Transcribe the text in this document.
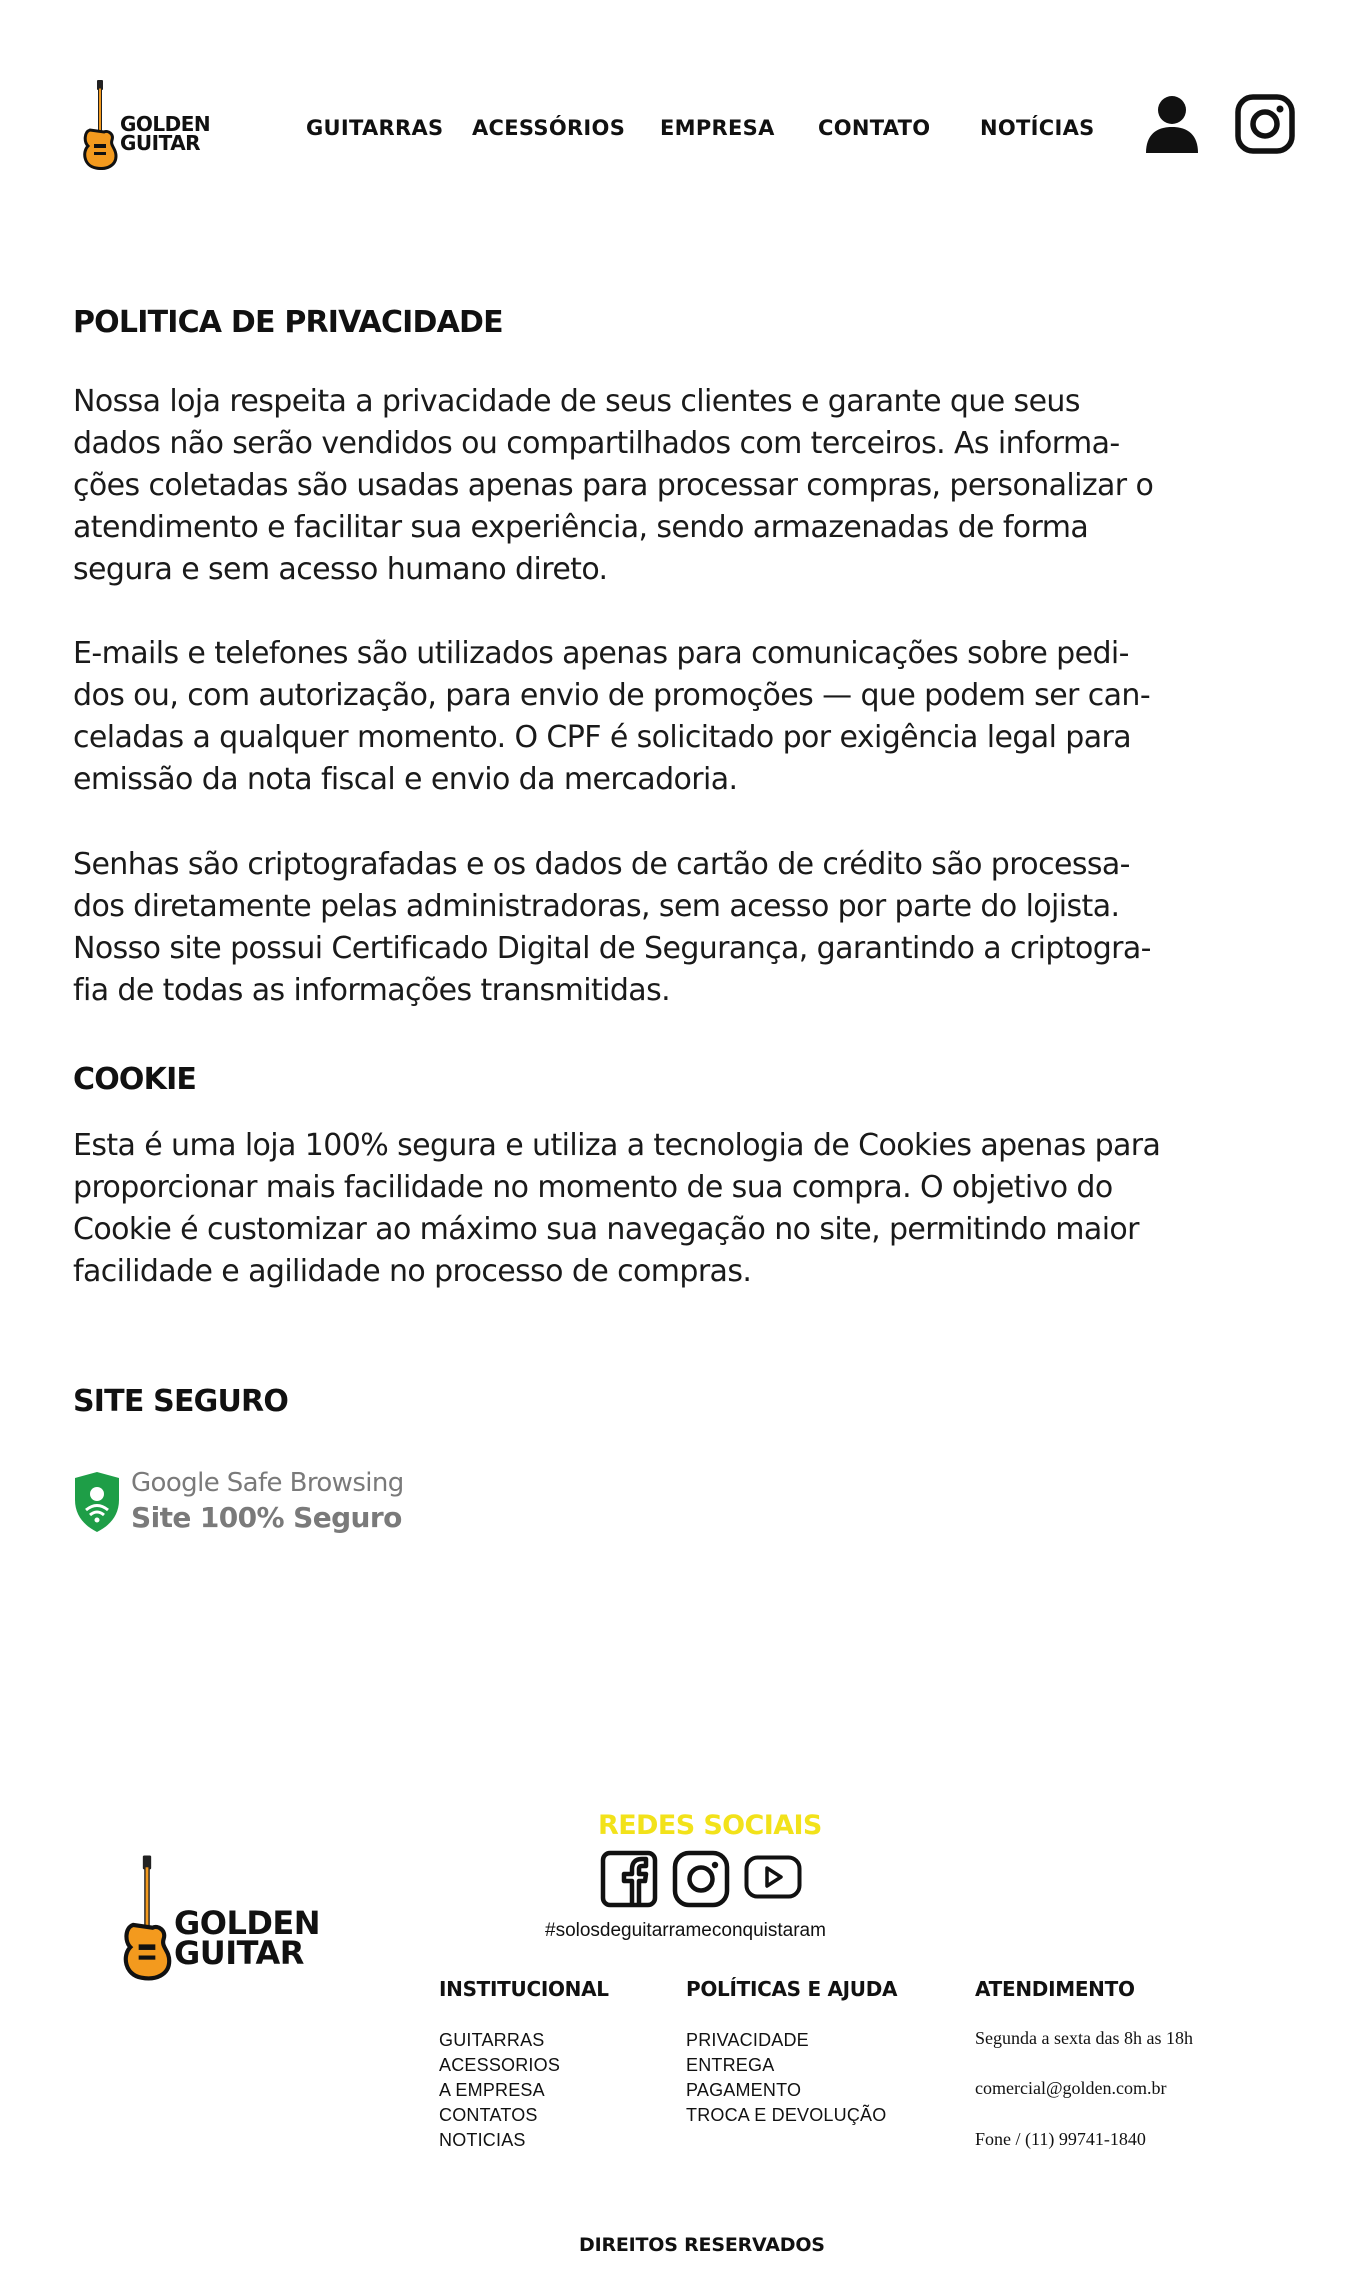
GOLDEN
GUITAR
GUITARRAS ACESSÓRIOS EMPRESA CONTATO NOTÍCIAS
POLITICA DE PRIVACIDADE
Nossa loja respeita a privacidade de seus clientes e garante que seus
dados não serão vendidos ou compartilhados com terceiros. As informa-
ções coletadas são usadas apenas para processar compras, personalizar o
atendimento e facilitar sua experiência, sendo armazenadas de forma
segura e sem acesso humano direto.
E-mails e telefones são utilizados apenas para comunicações sobre pedi-
dos ou, com autorização, para envio de promoções — que podem ser can-
celadas a qualquer momento. O CPF é solicitado por exigência legal para
emissão da nota fiscal e envio da mercadoria.
Senhas são criptografadas e os dados de cartão de crédito são processa-
dos diretamente pelas administradoras, sem acesso por parte do lojista.
Nosso site possui Certificado Digital de Segurança, garantindo a criptogra-
fia de todas as informações transmitidas.
COOKIE
Esta é uma loja 100% segura e utiliza a tecnologia de Cookies apenas para
proporcionar mais facilidade no momento de sua compra. O objetivo do
Cookie é customizar ao máximo sua navegação no site, permitindo maior
facilidade e agilidade no processo de compras.
SITE SEGURO
Google Safe Browsing
Site 100% Seguro
GOLDEN
GUITAR
REDES SOCIAIS
#solosdeguitarrameconquistaram
INSTITUCIONAL
GUITARRAS
ACESSORIOS
A EMPRESA
CONTATOS
NOTICIAS
POLÍTICAS E AJUDA
PRIVACIDADE
ENTREGA
PAGAMENTO
TROCA E DEVOLUÇÃO
ATENDIMENTO
Segunda a sexta das 8h as 18h
comercial@golden.com.br
Fone / (11) 99741-1840
DIREITOS RESERVADOS
